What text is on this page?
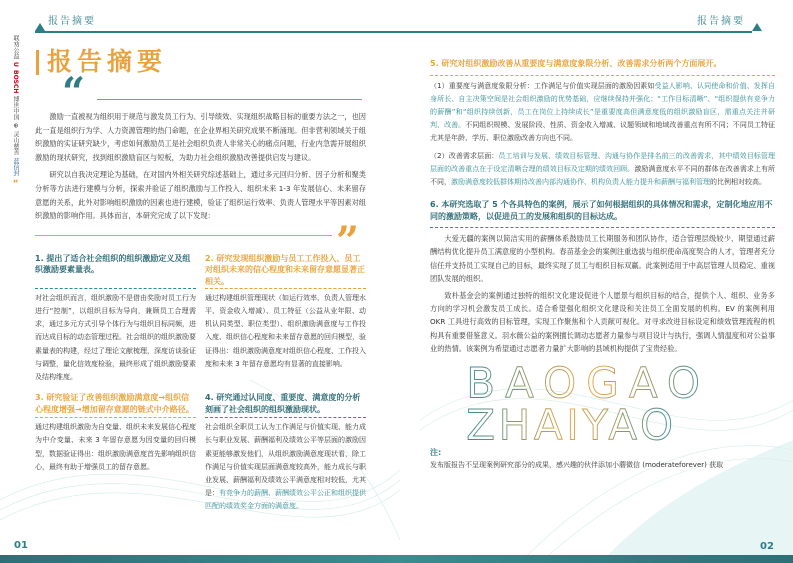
联劝公益
U
BOSCH
博世中国
⊕
灵山慈善
蓝信封
⧗
报告摘要
报告摘要
“

激励一直被视为组织用于规范与激发员工行为、引导绩效、实现组织战略目标的重要方法之一，也因此一直是组织行为学、人力资源管理的热门命题，在企业界相关研究成果不断涌现。但非营利领域关于组织激励的实证研究缺少，考虑如何激励员工是社会组织负责人非常关心的痛点问题，行业内急需开展组织激励的现状研究，找到组织激励盲区与短板，为助力社会组织激励改善提供启发与建议。

研究以自我决定理论为基础，在对国内外相关研究综述基础上，通过多元回归分析、因子分析和聚类分析等方法进行建模与分析，探索并验证了组织激励与工作投入、组织未来 1-3 年发展信心、未来留存意愿的关系，此外对影响组织激励的因素也进行建模，验证了组织运行效率、负责人管理水平等因素对组织激励的影响作用。具体而言，本研究完成了以下发现：

”
1. 提出了适合社会组织的组织激励定义及组织激励要素量表。
对社会组织而言，组织激励不是借由奖励对员工行为进行“控制”，以组织目标为导向，兼顾员工合理需求，通过多元方式引导个体行为与组织目标同频，进而达成目标的动态管理过程。社会组织的组织激励要素量表的构建，经过了理论文献梳理，深度访谈验证与调整，量化信效度检验，最终形成了组织激励要素及结构维度。
2. 研究发现组织激励与员工工作投入、员工对组织未来的信心程度和未来留存意愿显著正相关。
通过构建组织管理现状（如运行效率、负责人管理水平、资金收入增减）、员工特征（公益从业年限、动机认同类型、职位类型）、组织激励满意度与工作投入度、组织信心程度和未来留存意愿的回归模型，验证得出：组织激励满意度对组织信心程度、工作投入度和未来 3 年留存意愿均有显著的直接影响。
3. 研究验证了改善组织激励满意度→组织信心程度增强→增加留存意愿的链式中介路径。
通过构建组织激励为自变量、组织未来发展信心程度为中介变量、未来 3 年留存意愿为因变量的回归模型，数据验证得出：组织激励满意度首先影响组织信心，最终有助于增强员工的留存意愿。
4. 研究通过认同度、重要度、满意度的分析刻画了社会组织的组织激励现状。
社会组织全职员工认为工作满足与价值实现、能力成长与职业发展、薪酬福利及绩效公平等层面的激励因素更能够激发他们，从组织激励满意度现状看，除工作满足与价值实现层面满意度较高外，能力成长与职业发展、薪酬福利及绩效公平满意度相对较低，尤其是：有竞争力的薪酬、薪酬绩效公平公正和组织提供匹配的绩效奖金方面的满意度。
01
报告摘要
5. 研究对组织激励改善从重要度与满意度象限分析、改善需求分析两个方面展开。
（1）重要度与满意度象限分析：工作满足与价值实现层面的激励因素如受益人影响、认同使命和价值、发挥自身所长、自主决策空间是社会组织激励的优势基础，应继续保持并强化；“工作目标清晰”、“组织提供有竞争力的薪酬”和“组织持续创新，员工在岗位上持续成长”是重要度高但满意度低的组织激励盲区，需重点关注并研判、改善。不同组织规模、发展阶段、性质、资金收入增减、议题领域和地域改善重点有所不同；不同员工特征尤其是年龄、学历、职位激励改善方向也不同。
（2）改善需求层面：员工培训与发展、绩效目标管理、沟通与协作是排名前三的改善需求，其中绩效目标管理层面的改善重点在于设定清晰合理的绩效目标及定期的绩效回顾。激励满意度水平不同的群体在改善需求上有所不同，激励满意度较低群体期待改善内部沟通协作、机构负责人能力提升和薪酬与福利管理的比例相对较高。
6. 本研究选取了 5 个各具特色的案例，展示了如何根据组织的具体情况和需求，定制化地应用不同的激励策略，以促进员工的发展和组织的目标达成。

大爱无疆的案例以简洁实用的薪酬体系鼓励员工长期服务和团队协作，适合管理层级较少、期望通过薪酬结构优化提升员工满意度的小型机构。春苗基金会的案例注重选拔与组织使命高度契合的人才，管理者充分信任并支持员工实现自己的目标，最终实现了员工与组织目标双赢。此案例适用于中高层管理人员稳定、重视团队发展的组织。

致朴基金会的案例通过独特的组织文化建设促进个人愿景与组织目标的结合，提供个人、组织、业务多方向的学习机会激发员工成长。适合希望强化组织文化建设和关注员工全面发展的机构。EV 的案例利用 OKR 工具进行高效的目标管理，实现工作聚焦和个人贡献可视化。对寻求改进目标设定和绩效管理流程的机构具有重要借鉴意义。羽水薇公益的案例擅长调动志愿者力量参与项目设计与执行，强调人情温度和对公益事业的热情。该案例为希望通过志愿者力量扩大影响的县域机构提供了宝贵经验。

BAOGAO
ZHAIYAO
注:
发布版报告不呈现案例研究部分的成果，感兴趣的伙伴添加小蘑微信 (moderateforever) 获取
02
